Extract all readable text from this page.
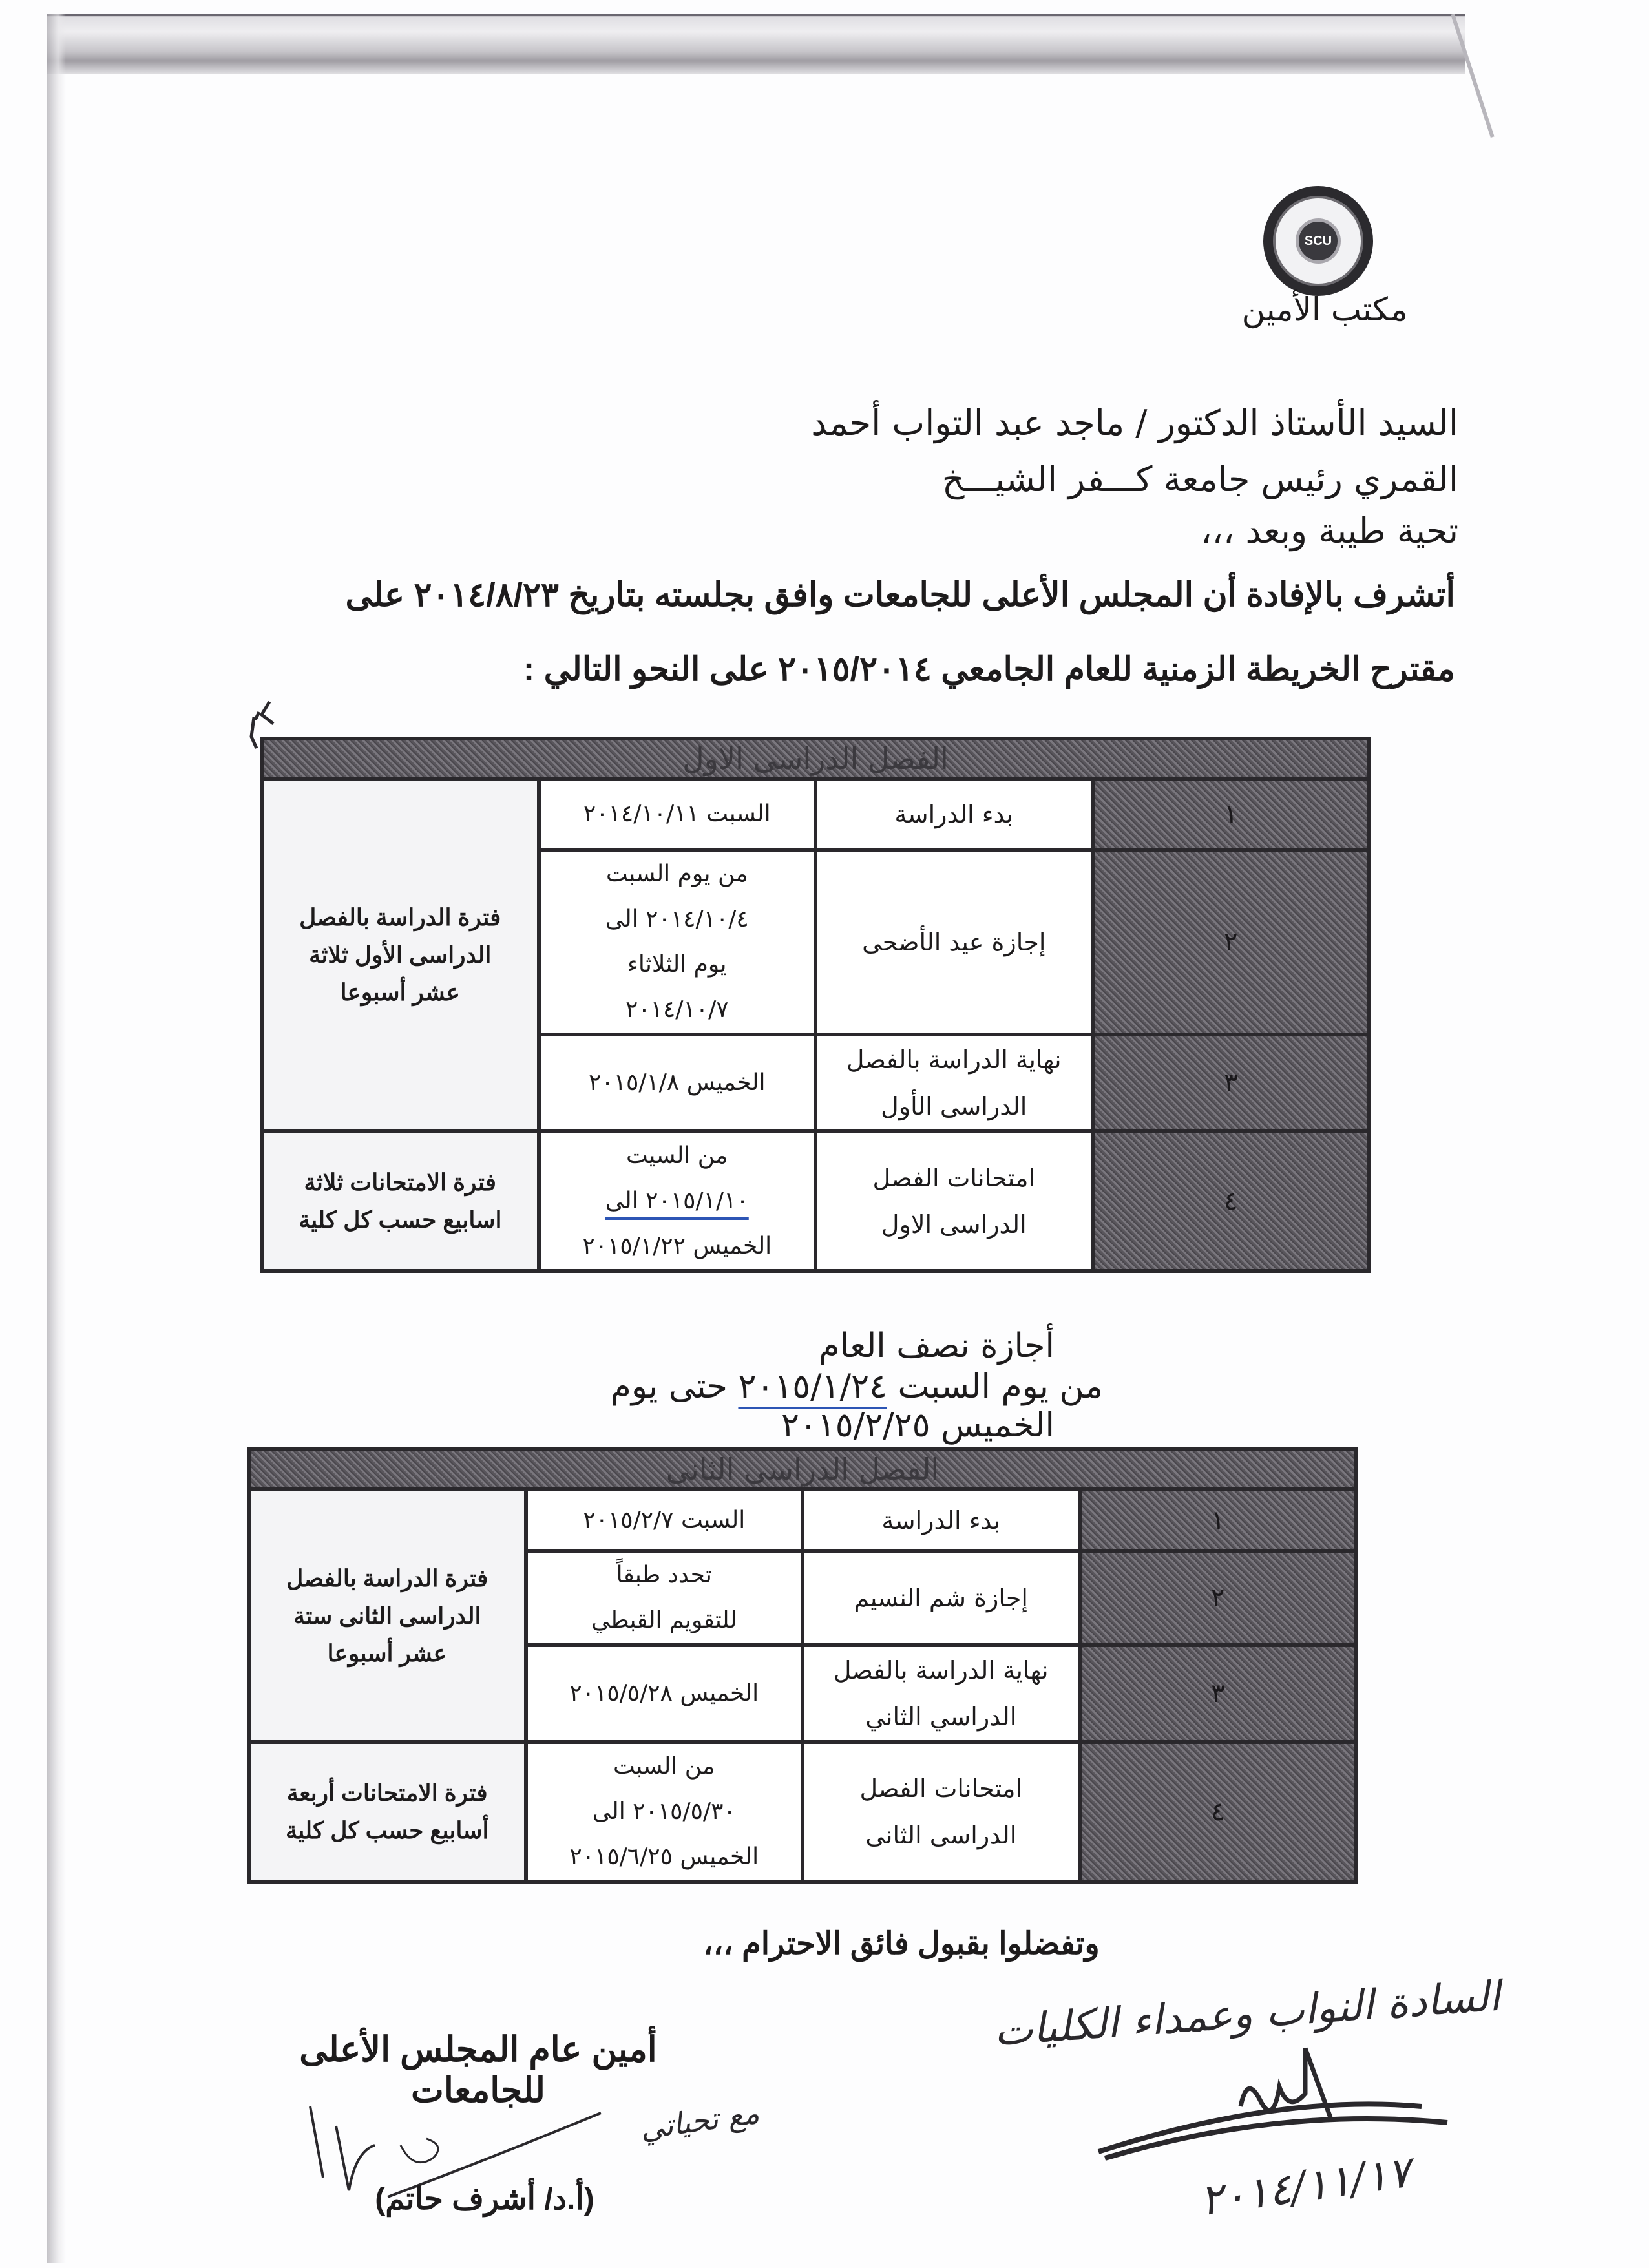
SCU
مكتب الأمين
السيد الأستاذ الدكتور / ماجد عبد التواب أحمد
القمري رئيس جامعة كـــفر الشيـــخ
تحية طيبة وبعد ،،،
أتشرف بالإفادة أن المجلس الأعلى للجامعات وافق بجلسته بتاريخ ٢٠١٤/٨/٢٣ على
مقترح الخريطة الزمنية للعام الجامعي ٢٠١٥/٢٠١٤ على النحو التالي :
الفصل الدراسى الاول			
١	بدء الدراسة	السبت ٢٠١٤/١٠/١١	فترة الدراسة بالفصل الدراسى الأول ثلاثة عشر أسبوعا
٢	إجازة عيد الأضحى	من يوم السبت
٢٠١٤/١٠/٤ الى
يوم الثلاثاء
٢٠١٤/١٠/٧	

٣	نهاية الدراسة بالفصل الدراسى الأول	الخميس ٢٠١٥/١/٨	
٤	امتحانات الفصل الدراسى الاول	من السيت
٢٠١٥/١/١٠ الى
الخميس ٢٠١٥/١/٢٢	فترة الامتحانات ثلاثة اسابيع حسب كل كلية
أجازة نصف العام
من يوم السبت ٢٠١٥/١/٢٤ حتى يوم
الخميس ٢٠١٥/٢/٢٥
الفصل الدراسى الثانى			
١	بدء الدراسة	السبت ٢٠١٥/٢/٧	فترة الدراسة بالفصل الدراسى الثانى ستة عشر أسبوعا
٢	إجازة شم النسيم	تحدد طبقاً
للتقويم القبطي	

٣	نهاية الدراسة بالفصل الدراسي الثاني	الخميس ٢٠١٥/٥/٢٨	
٤	امتحانات الفصل الدراسى الثانى	من السبت
٢٠١٥/٥/٣٠ الى
الخميس ٢٠١٥/٦/٢٥	فترة الامتحانات أربعة أسابيع حسب كل كلية
وتفضلوا بقبول فائق الاحترام ،،،
أمين عام المجلس الأعلى للجامعات
مع تحياتي
(أ.د/ أشرف حاتم)
السادة النواب وعمداء الكليات
٢٠١٤/١١/١٧
